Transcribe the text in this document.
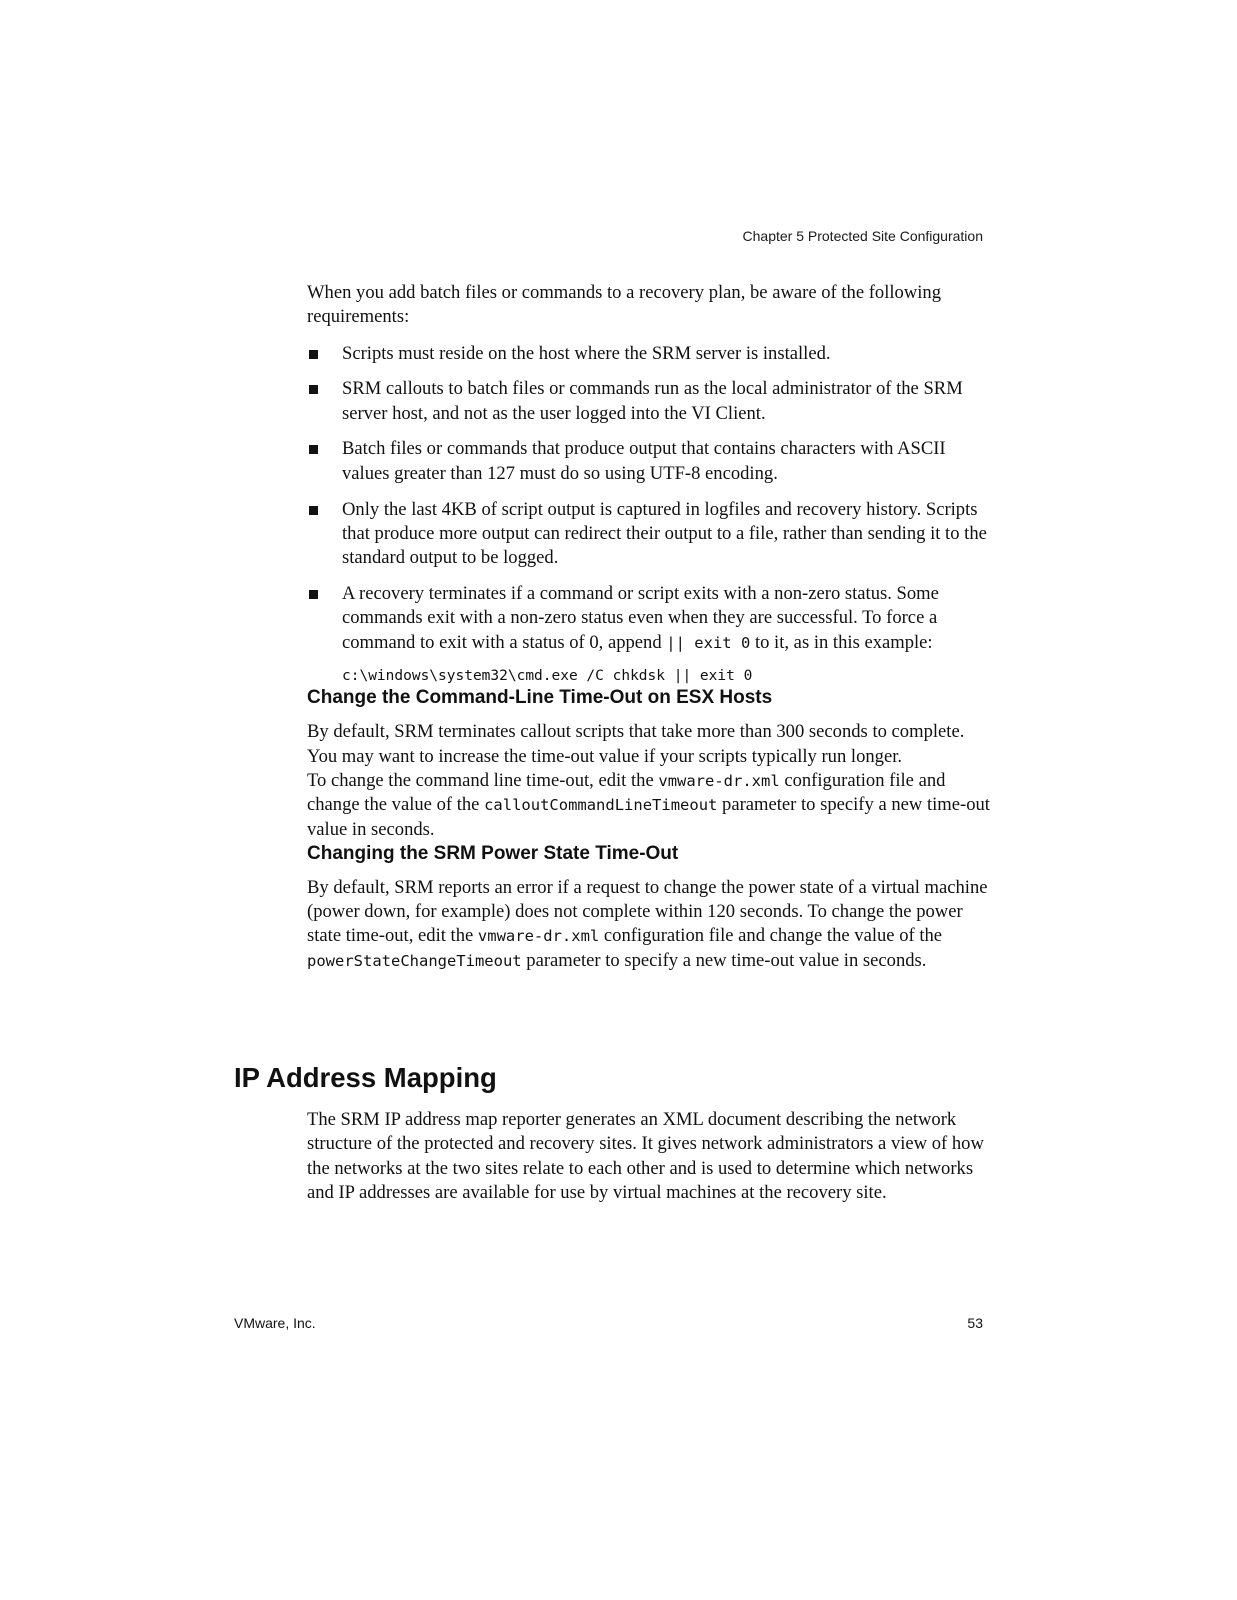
Chapter 5 Protected Site Configuration

When you add batch files or commands to a recovery plan, be aware of the following requirements:

Scripts must reside on the host where the SRM server is installed.
SRM callouts to batch files or commands run as the local administrator of the SRM server host, and not as the user logged into the VI Client.
Batch files or commands that produce output that contains characters with ASCII values greater than 127 must do so using UTF-8 encoding.
Only the last 4KB of script output is captured in logfiles and recovery history. Scripts that produce more output can redirect their output to a file, rather than sending it to the standard output to be logged.
A recovery terminates if a command or script exits with a non-zero status. Some commands exit with a non-zero status even when they are successful. To force a command to exit with a status of 0, append || exit 0 to it, as in this example:
c:\windows\system32\cmd.exe /C chkdsk || exit 0
Change the Command-Line Time-Out on ESX Hosts

By default, SRM terminates callout scripts that take more than 300 seconds to complete. You may want to increase the time-out value if your scripts typically run longer.

To change the command line time-out, edit the vmware-dr.xml configuration file and change the value of the calloutCommandLineTimeout parameter to specify a new time-out value in seconds.

Changing the SRM Power State Time-Out

By default, SRM reports an error if a request to change the power state of a virtual machine (power down, for example) does not complete within 120 seconds. To change the power state time-out, edit the vmware-dr.xml configuration file and change the value of the powerStateChangeTimeout parameter to specify a new time-out value in seconds.

IP Address Mapping

The SRM IP address map reporter generates an XML document describing the network structure of the protected and recovery sites. It gives network administrators a view of how the networks at the two sites relate to each other and is used to determine which networks and IP addresses are available for use by virtual machines at the recovery site.

VMware, Inc.	53
